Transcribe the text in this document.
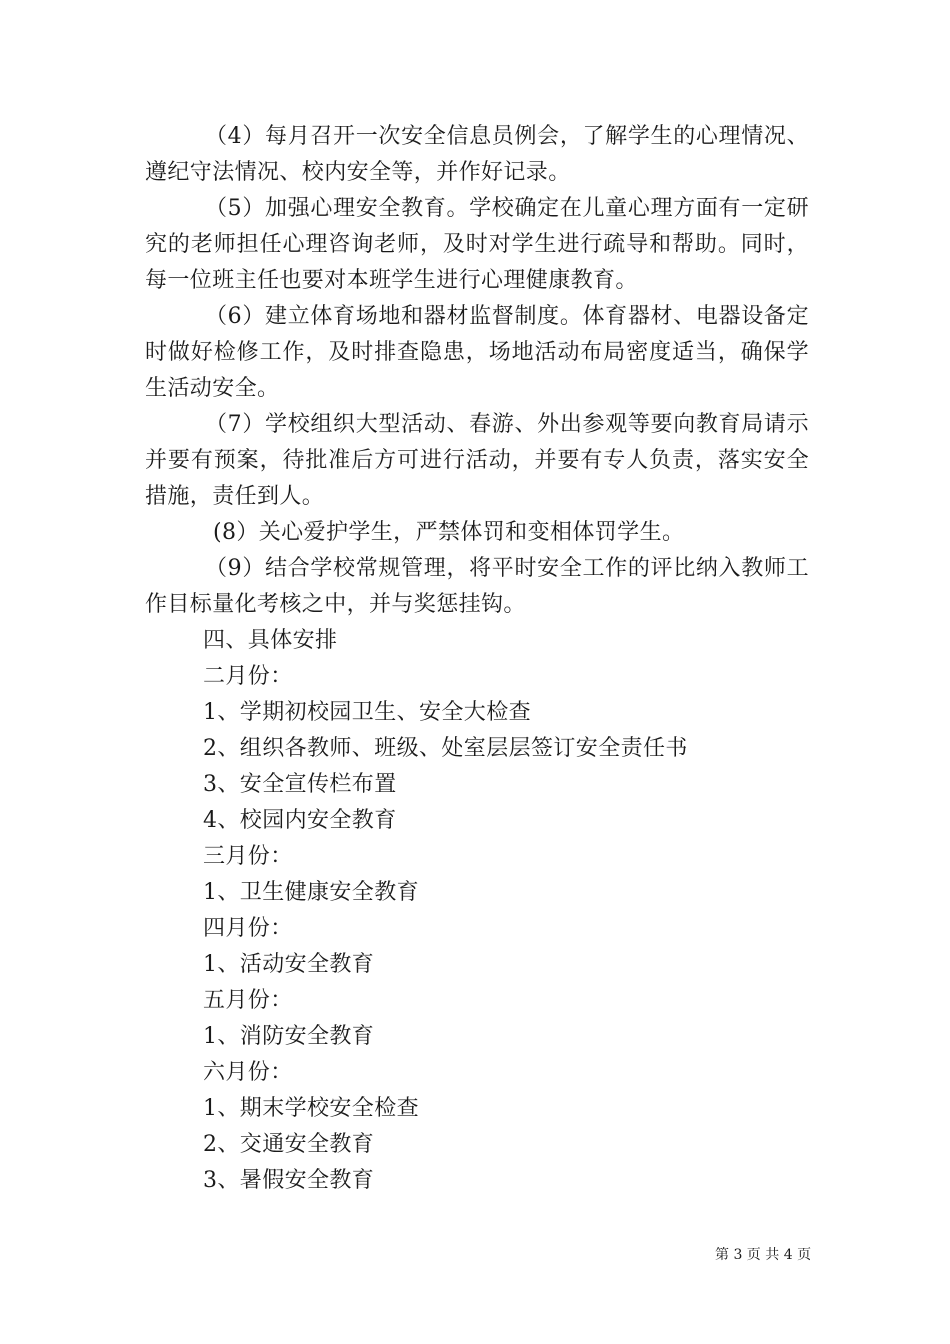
（4）每月召开一次安全信息员例会，了解学生的心理情况、遵纪守法情况、校内安全等，并作好记录。

（5）加强心理安全教育。学校确定在儿童心理方面有一定研究的老师担任心理咨询老师，及时对学生进行疏导和帮助。同时，每一位班主任也要对本班学生进行心理健康教育。

（6）建立体育场地和器材监督制度。体育器材、电器设备定时做好检修工作，及时排查隐患，场地活动布局密度适当，确保学生活动安全。

（7）学校组织大型活动、春游、外出参观等要向教育局请示并要有预案，待批准后方可进行活动，并要有专人负责，落实安全措施，责任到人。

(8）关心爱护学生，严禁体罚和变相体罚学生。

（9）结合学校常规管理，将平时安全工作的评比纳入教师工作目标量化考核之中，并与奖惩挂钩。

四、具体安排

二月份：

1、学期初校园卫生、安全大检查

2、组织各教师、班级、处室层层签订安全责任书

3、安全宣传栏布置

4、校园内安全教育

三月份：

1、卫生健康安全教育

四月份：

1、活动安全教育

五月份：

1、消防安全教育

六月份：

1、期末学校安全检查

2、交通安全教育

3、暑假安全教育

第 3 页 共 4 页
